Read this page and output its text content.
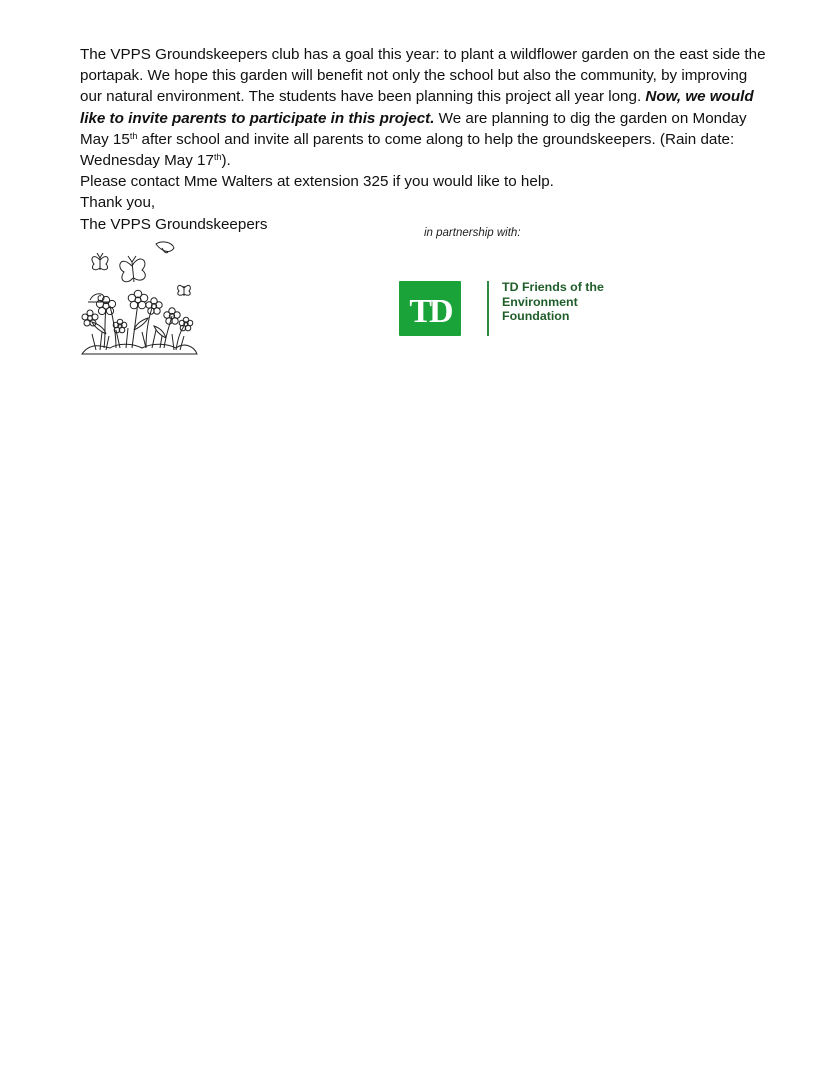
The VPPS Groundskeepers club has a goal this year: to plant a wildflower garden on the east side the portapak. We hope this garden will benefit not only the school but also the community, by improving our natural environment. The students have been planning this project all year long. Now, we would like to invite parents to participate in this project. We are planning to dig the garden on Monday May 15th after school and invite all parents to come along to help the groundskeepers. (Rain date: Wednesday May 17th).

Please contact Mme Walters at extension 325 if you would like to help.

Thank you,

The VPPS Groundskeepers

in partnership with:
TD
TD Friends of the
Environment
Foundation
